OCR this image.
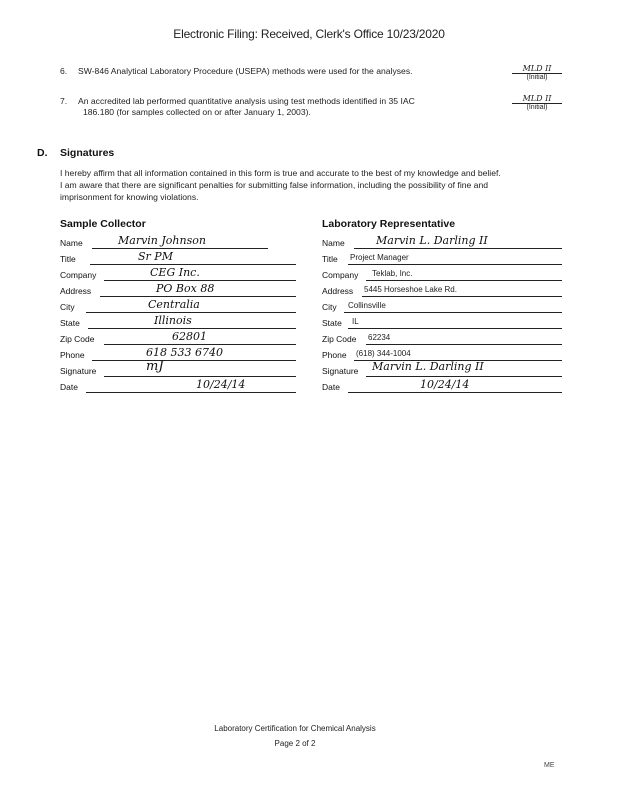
Electronic Filing: Received, Clerk's Office 10/23/2020
6. SW-846 Analytical Laboratory Procedure (USEPA) methods were used for the analyses.	MLD II
(Initial)
7. An accredited lab performed quantitative analysis using test methods identified in 35 IAC
186.180 (for samples collected on or after January 1, 2003).
MLD II
(Initial)
D. Signatures
I hereby affirm that all information contained in this form is true and accurate to the best of my knowledge and belief.
I am aware that there are significant penalties for submitting false information, including the possibility of fine and
imprisonment for knowing violations.
Sample Collector
Name	Marvin Johnson
Title	Sr PM
Company	CEG Inc.
Address	PO Box 88
City	Centralia
State	Illinois
Zip Code	62801
Phone	618 533 6740
Signature	mJ
Date	10/24/14
Laboratory Representative
Name	Marvin L. Darling II
Title Project Manager
Company Teklab, Inc.
Address 5445 Horseshoe Lake Rd.
City Collinsville
State IL
Zip Code 62234
Phone (618) 344-1004
Signature Marvin L. Darling II
Date	10/24/14
Laboratory Certification for Chemical Analysis
Page 2 of 2
ME
